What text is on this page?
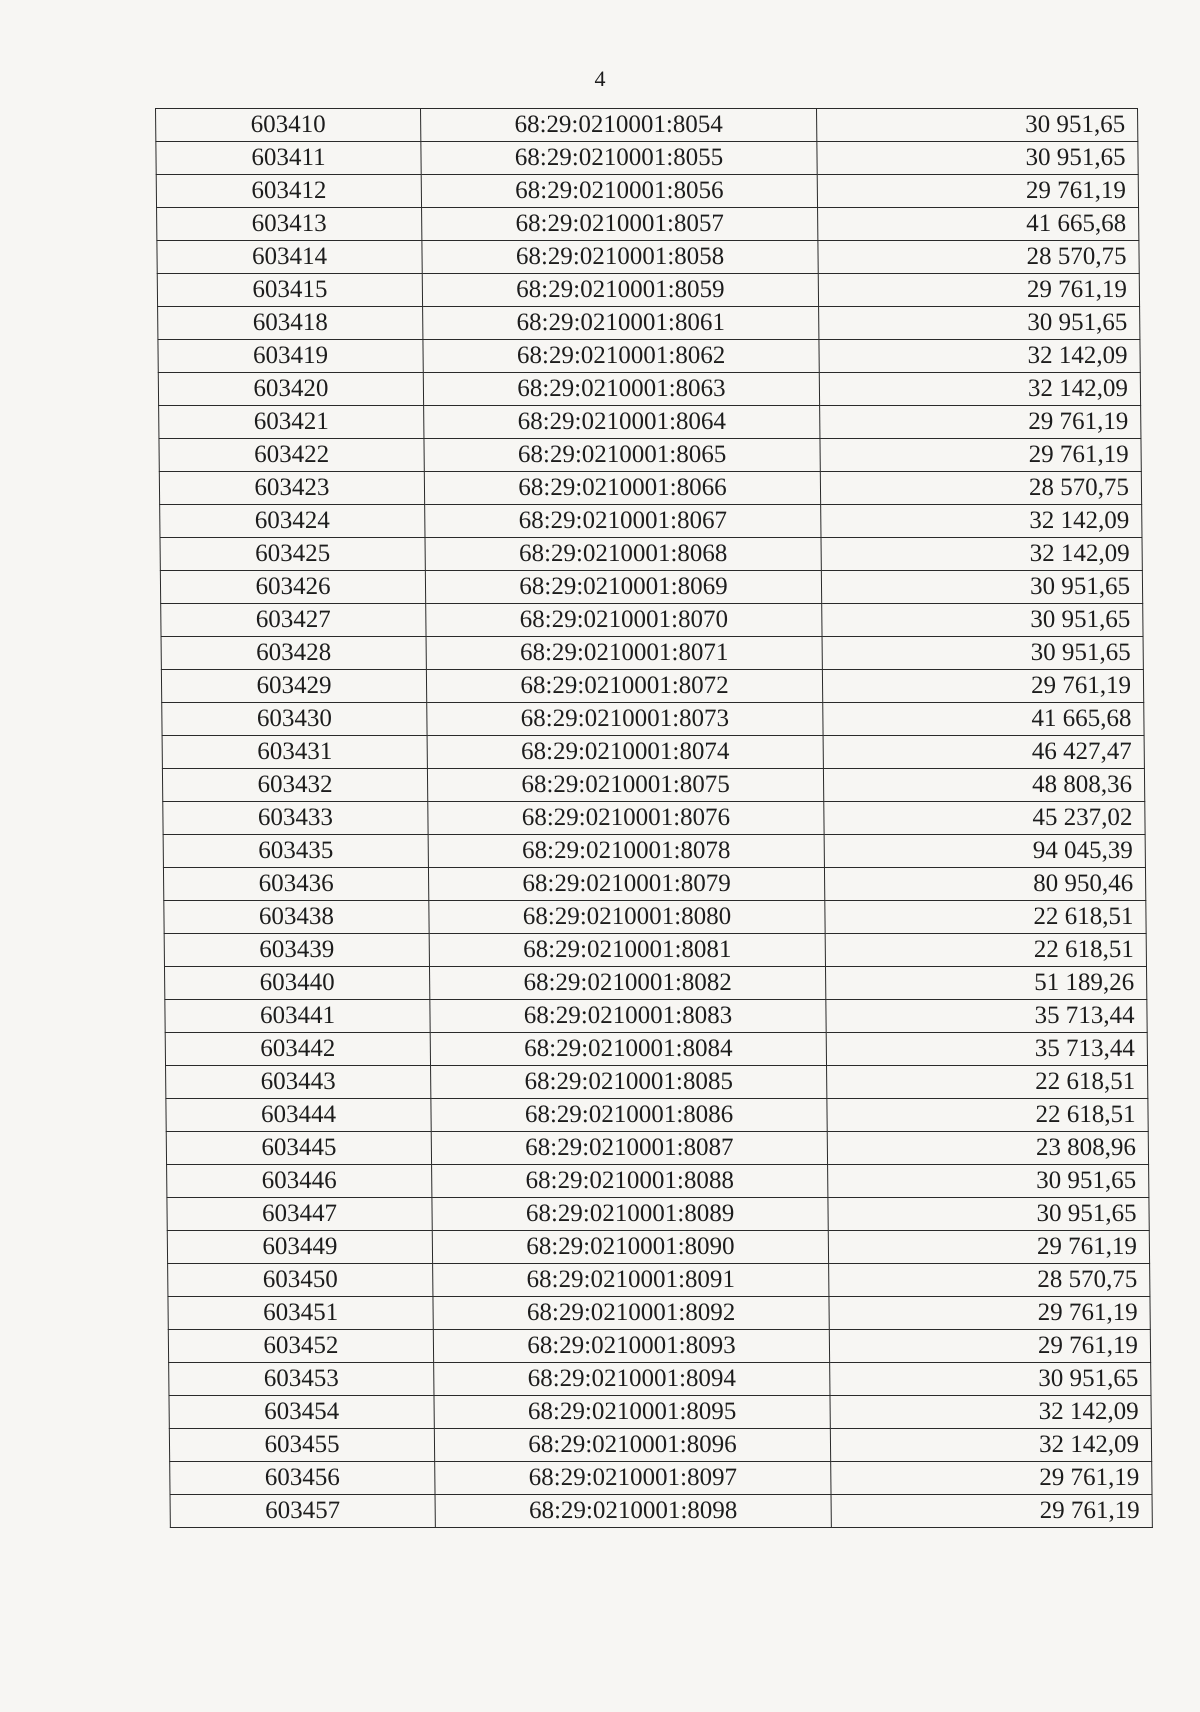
4
603410	68:29:0210001:8054	30 951,65
603411	68:29:0210001:8055	30 951,65
603412	68:29:0210001:8056	29 761,19
603413	68:29:0210001:8057	41 665,68
603414	68:29:0210001:8058	28 570,75
603415	68:29:0210001:8059	29 761,19
603418	68:29:0210001:8061	30 951,65
603419	68:29:0210001:8062	32 142,09
603420	68:29:0210001:8063	32 142,09
603421	68:29:0210001:8064	29 761,19
603422	68:29:0210001:8065	29 761,19
603423	68:29:0210001:8066	28 570,75
603424	68:29:0210001:8067	32 142,09
603425	68:29:0210001:8068	32 142,09
603426	68:29:0210001:8069	30 951,65
603427	68:29:0210001:8070	30 951,65
603428	68:29:0210001:8071	30 951,65
603429	68:29:0210001:8072	29 761,19
603430	68:29:0210001:8073	41 665,68
603431	68:29:0210001:8074	46 427,47
603432	68:29:0210001:8075	48 808,36
603433	68:29:0210001:8076	45 237,02
603435	68:29:0210001:8078	94 045,39
603436	68:29:0210001:8079	80 950,46
603438	68:29:0210001:8080	22 618,51
603439	68:29:0210001:8081	22 618,51
603440	68:29:0210001:8082	51 189,26
603441	68:29:0210001:8083	35 713,44
603442	68:29:0210001:8084	35 713,44
603443	68:29:0210001:8085	22 618,51
603444	68:29:0210001:8086	22 618,51
603445	68:29:0210001:8087	23 808,96
603446	68:29:0210001:8088	30 951,65
603447	68:29:0210001:8089	30 951,65
603449	68:29:0210001:8090	29 761,19
603450	68:29:0210001:8091	28 570,75
603451	68:29:0210001:8092	29 761,19
603452	68:29:0210001:8093	29 761,19
603453	68:29:0210001:8094	30 951,65
603454	68:29:0210001:8095	32 142,09
603455	68:29:0210001:8096	32 142,09
603456	68:29:0210001:8097	29 761,19
603457	68:29:0210001:8098	29 761,19
